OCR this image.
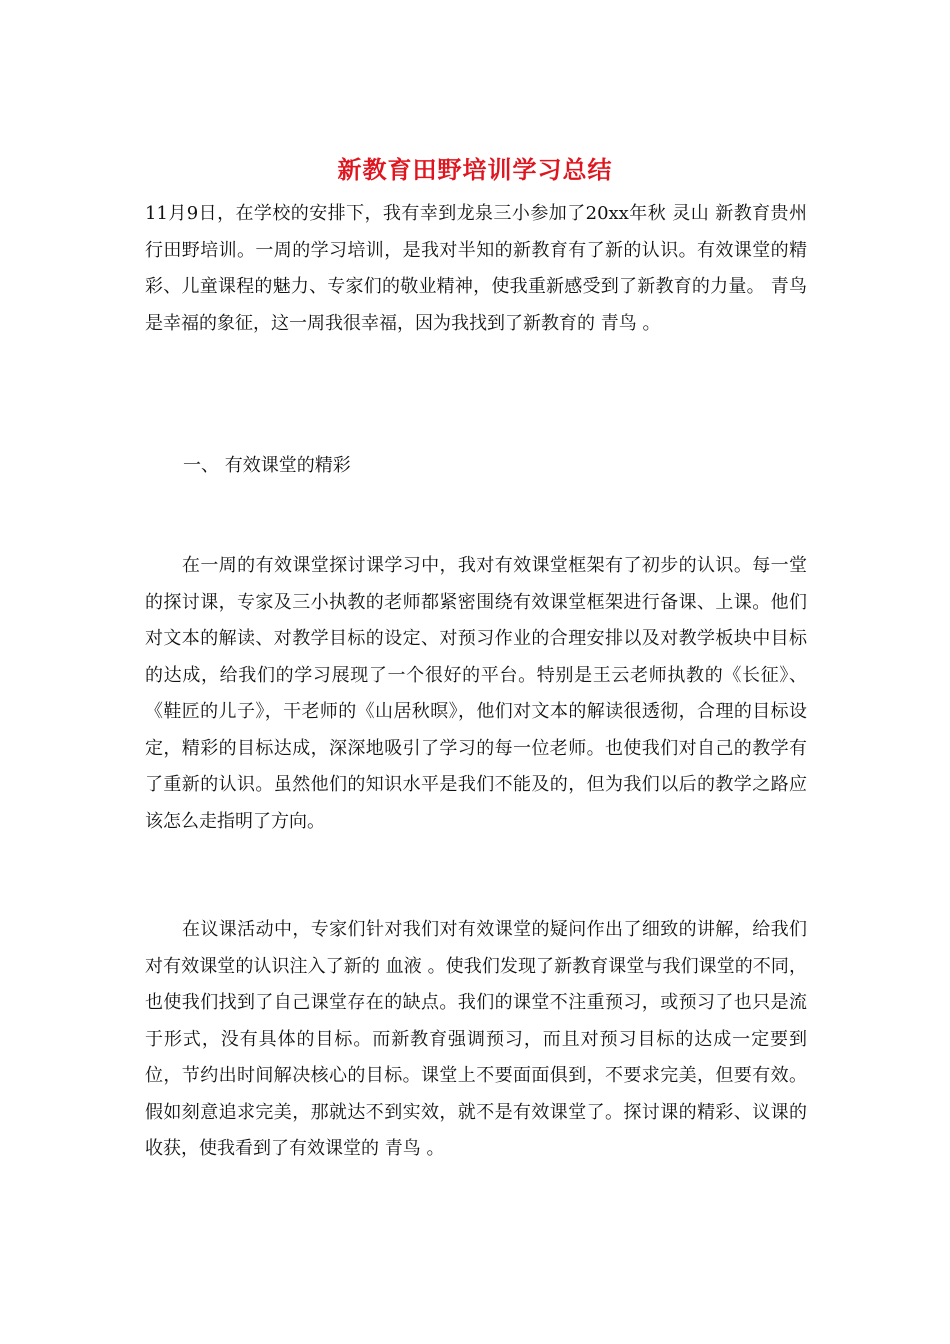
新教育田野培训学习总结

11月9日，在学校的安排下，我有幸到龙泉三小参加了20xx年秋 灵山 新教育贵州行田野培训。一周的学习培训，是我对半知的新教育有了新的认识。有效课堂的精彩、儿童课程的魅力、专家们的敬业精神，使我重新感受到了新教育的力量。 青鸟 是幸福的象征，这一周我很幸福，因为我找到了新教育的 青鸟 。

一、 有效课堂的精彩

在一周的有效课堂探讨课学习中，我对有效课堂框架有了初步的认识。每一堂的探讨课，专家及三小执教的老师都紧密围绕有效课堂框架进行备课、上课。他们对文本的解读、对教学目标的设定、对预习作业的合理安排以及对教学板块中目标的达成，给我们的学习展现了一个很好的平台。特别是王云老师执教的《长征》、《鞋匠的儿子》，干老师的《山居秋暝》，他们对文本的解读很透彻，合理的目标设定，精彩的目标达成，深深地吸引了学习的每一位老师。也使我们对自己的教学有了重新的认识。虽然他们的知识水平是我们不能及的，但为我们以后的教学之路应该怎么走指明了方向。

在议课活动中，专家们针对我们对有效课堂的疑问作出了细致的讲解，给我们对有效课堂的认识注入了新的 血液 。使我们发现了新教育课堂与我们课堂的不同，也使我们找到了自己课堂存在的缺点。我们的课堂不注重预习，或预习了也只是流于形式，没有具体的目标。而新教育强调预习，而且对预习目标的达成一定要到位，节约出时间解决核心的目标。课堂上不要面面俱到，不要求完美，但要有效。假如刻意追求完美，那就达不到实效，就不是有效课堂了。探讨课的精彩、议课的收获，使我看到了有效课堂的 青鸟 。
